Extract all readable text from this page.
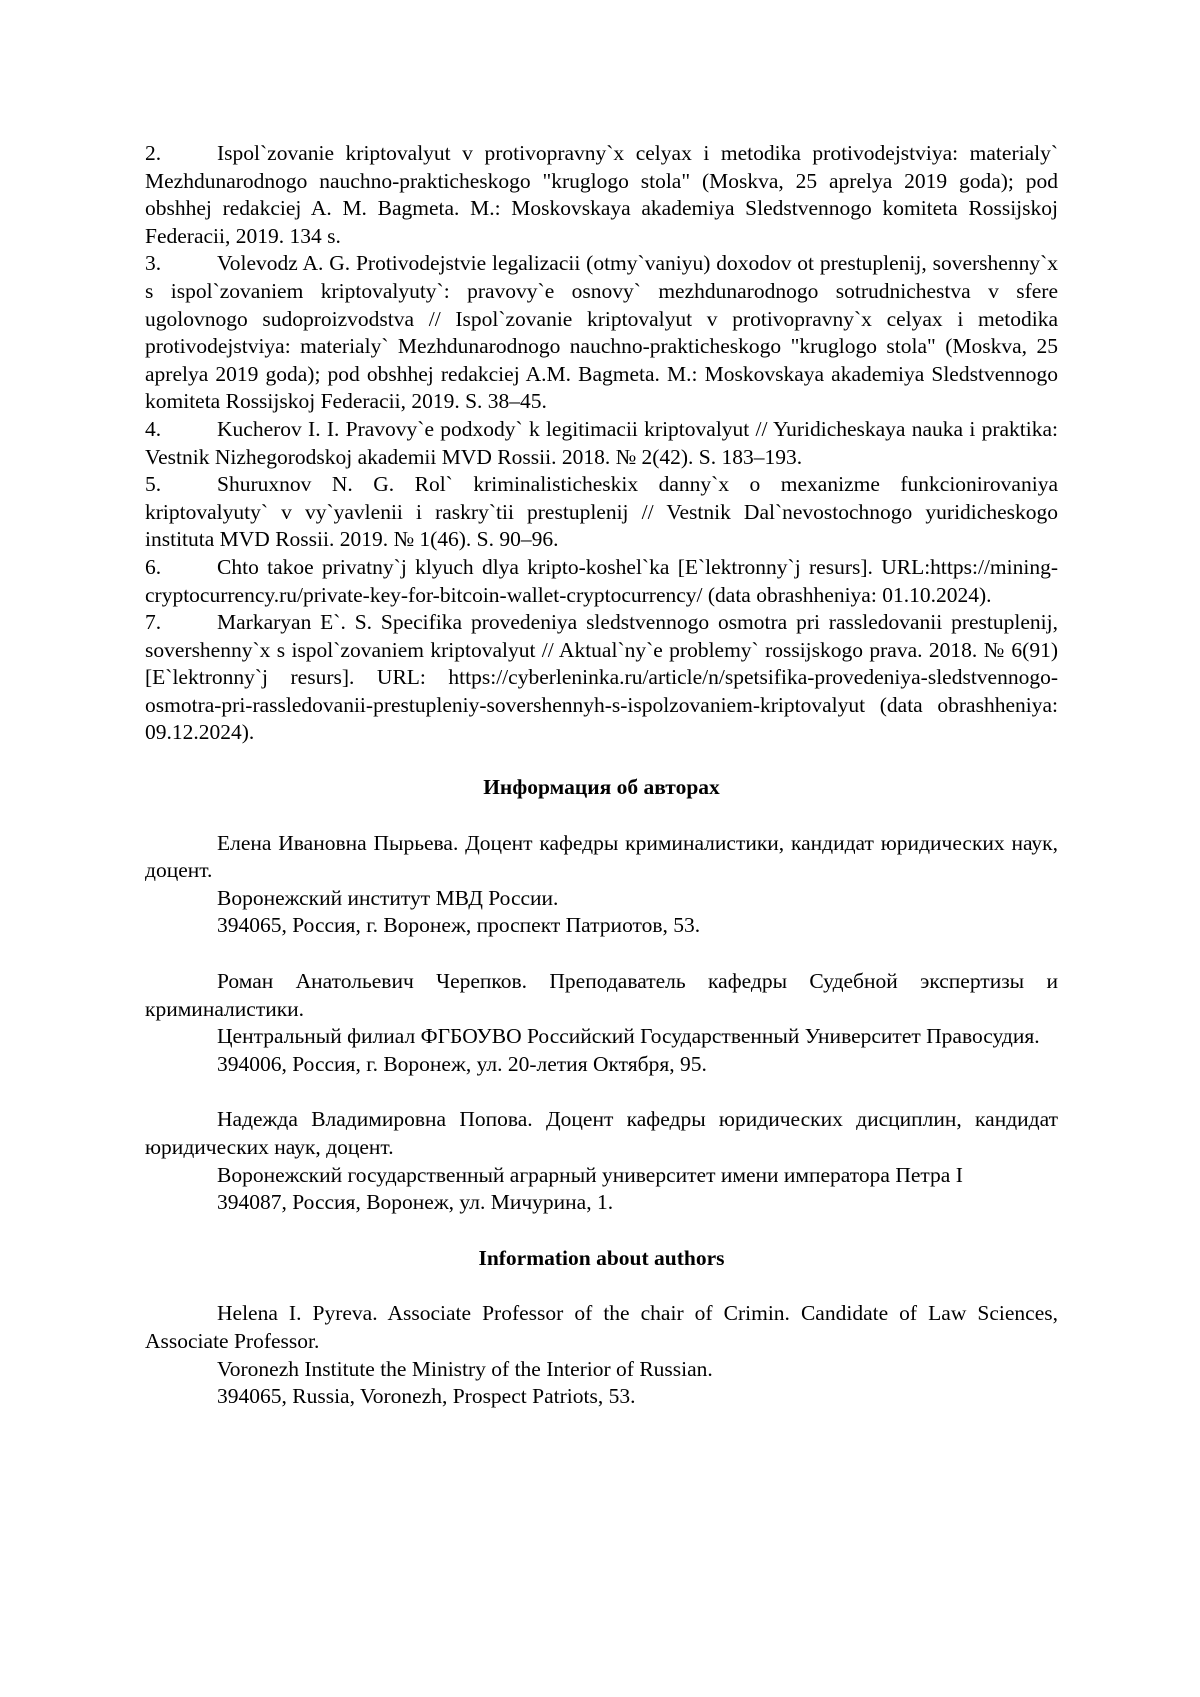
2.	Ispol`zovanie kriptovalyut v protivopravny`x celyax i metodika protivodejstviya: materialy` Mezhdunarodnogo nauchno-prakticheskogo "kruglogo stola" (Moskva, 25 aprelya 2019 goda); pod obshhej redakciej A. M. Bagmeta. M.: Moskovskaya akademiya Sledstvennogo komiteta Rossijskoj Federacii, 2019. 134 s.

3.	Volevodz A. G. Protivodejstvie legalizacii (otmy`vaniyu) doxodov ot prestuplenij, sovershenny`x s ispol`zovaniem kriptovalyuty`: pravovy`e osnovy` mezhdunarodnogo sotrudnichestva v sfere ugolovnogo sudoproizvodstva // Ispol`zovanie kriptovalyut v protivopravny`x celyax i metodika protivodejstviya: materialy` Mezhdunarodnogo nauchno-prakticheskogo "kruglogo stola" (Moskva, 25 aprelya 2019 goda); pod obshhej redakciej A.M. Bagmeta. M.: Moskovskaya akademiya Sledstvennogo komiteta Rossijskoj Federacii, 2019. S. 38–45.

4.	Kucherov I. I. Pravovy`e podxody` k legitimacii kriptovalyut // Yuridicheskaya nauka i praktika: Vestnik Nizhegorodskoj akademii MVD Rossii. 2018. № 2(42). S. 183–193.

5.	Shuruxnov N. G. Rol` kriminalisticheskix danny`x o mexanizme funkcionirovaniya kriptovalyuty` v vy`yavlenii i raskry`tii prestuplenij // Vestnik Dal`nevostochnogo yuridicheskogo instituta MVD Rossii. 2019. № 1(46). S. 90–96.

6.	Chto takoe privatny`j klyuch dlya kripto-koshel`ka [E`lektronny`j resurs]. URL:https://mining-cryptocurrency.ru/private-key-for-bitcoin-wallet-cryptocurrency/ (data obrashheniya: 01.10.2024).

7.	Markaryan E`. S. Specifika provedeniya sledstvennogo osmotra pri rassledovanii prestuplenij, sovershenny`x s ispol`zovaniem kriptovalyut // Aktual`ny`e problemy` rossijskogo prava. 2018. № 6(91) [E`lektronny`j resurs]. URL: https://cyberleninka.ru/article/n/spetsifika-provedeniya-sledstvennogo-osmotra-pri-rassledovanii-prestupleniy-sovershennyh-s-ispolzovaniem-kriptovalyut (data obrashheniya: 09.12.2024).

Информация об авторах

Елена Ивановна Пырьева. Доцент кафедры криминалистики, кандидат юридических наук, доцент.

Воронежский институт МВД России.

394065, Россия, г. Воронеж, проспект Патриотов, 53.

Роман Анатольевич Черепков. Преподаватель кафедры Судебной экспертизы и криминалистики.

Центральный филиал ФГБОУВО Российский Государственный Университет Правосудия.

394006, Россия, г. Воронеж, ул. 20-летия Октября, 95.

Надежда Владимировна Попова. Доцент кафедры юридических дисциплин, кандидат юридических наук, доцент.

Воронежский государственный аграрный университет имени императора Петра I

394087, Россия, Воронеж, ул. Мичурина, 1.

Information about authors

Helena I. Pyreva. Associate Professor of the chair of Crimin. Candidate of Law Sciences, Associate Professor.

Voronezh Institute the Ministry of the Interior of Russian.

394065, Russia, Voronezh, Prospect Patriots, 53.
